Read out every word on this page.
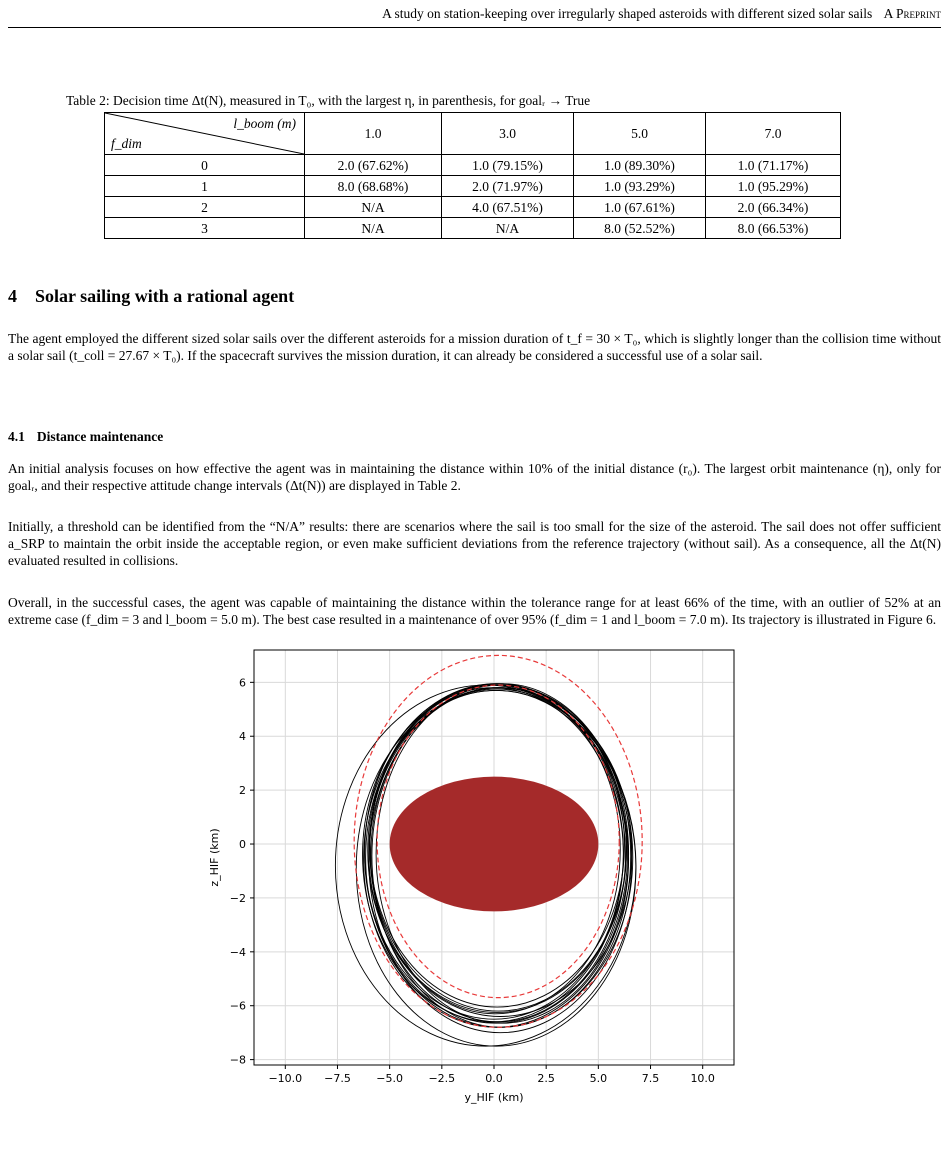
A study on station-keeping over irregularly shaped asteroids with different sized solar sails A Preprint
Table 2: Decision time Δt(N), measured in T₀, with the largest η, in parenthesis, for goalᵣ → True
l_boom (m)
f_dim	1.0	3.0	5.0	7.0
0	2.0 (67.62%)	1.0 (79.15%)	1.0 (89.30%)	1.0 (71.17%)
1	8.0 (68.68%)	2.0 (71.97%)	1.0 (93.29%)	1.0 (95.29%)
2	N/A	4.0 (67.51%)	1.0 (67.61%)	2.0 (66.34%)
3	N/A	N/A	8.0 (52.52%)	8.0 (66.53%)
4 Solar sailing with a rational agent
The agent employed the different sized solar sails over the different asteroids for a mission duration of t_f = 30 × T₀, which is slightly longer than the collision time without a solar sail (t_coll = 27.67 × T₀). If the spacecraft survives the mission duration, it can already be considered a successful use of a solar sail.
4.1 Distance maintenance
An initial analysis focuses on how effective the agent was in maintaining the distance within 10% of the initial distance (r₀). The largest orbit maintenance (η), only for goalᵣ, and their respective attitude change intervals (Δt(N)) are displayed in Table 2.
Initially, a threshold can be identified from the “N/A” results: there are scenarios where the sail is too small for the size of the asteroid. The sail does not offer sufficient a_SRP to maintain the orbit inside the acceptable region, or even make sufficient deviations from the reference trajectory (without sail). As a consequence, all the Δt(N) evaluated resulted in collisions.
Overall, in the successful cases, the agent was capable of maintaining the distance within the tolerance range for at least 66% of the time, with an outlier of 52% at an extreme case (f_dim = 3 and l_boom = 5.0 m). The best case resulted in a maintenance of over 95% (f_dim = 1 and l_boom = 7.0 m). Its trajectory is illustrated in Figure 6.
−10.0 −7.5 −5.0 −2.5	0.0	2.5	5.0	7.5	10.0
6
4
2
0
−2
−4
−6
−8
y_HIF (km)
z_HIF (km)
